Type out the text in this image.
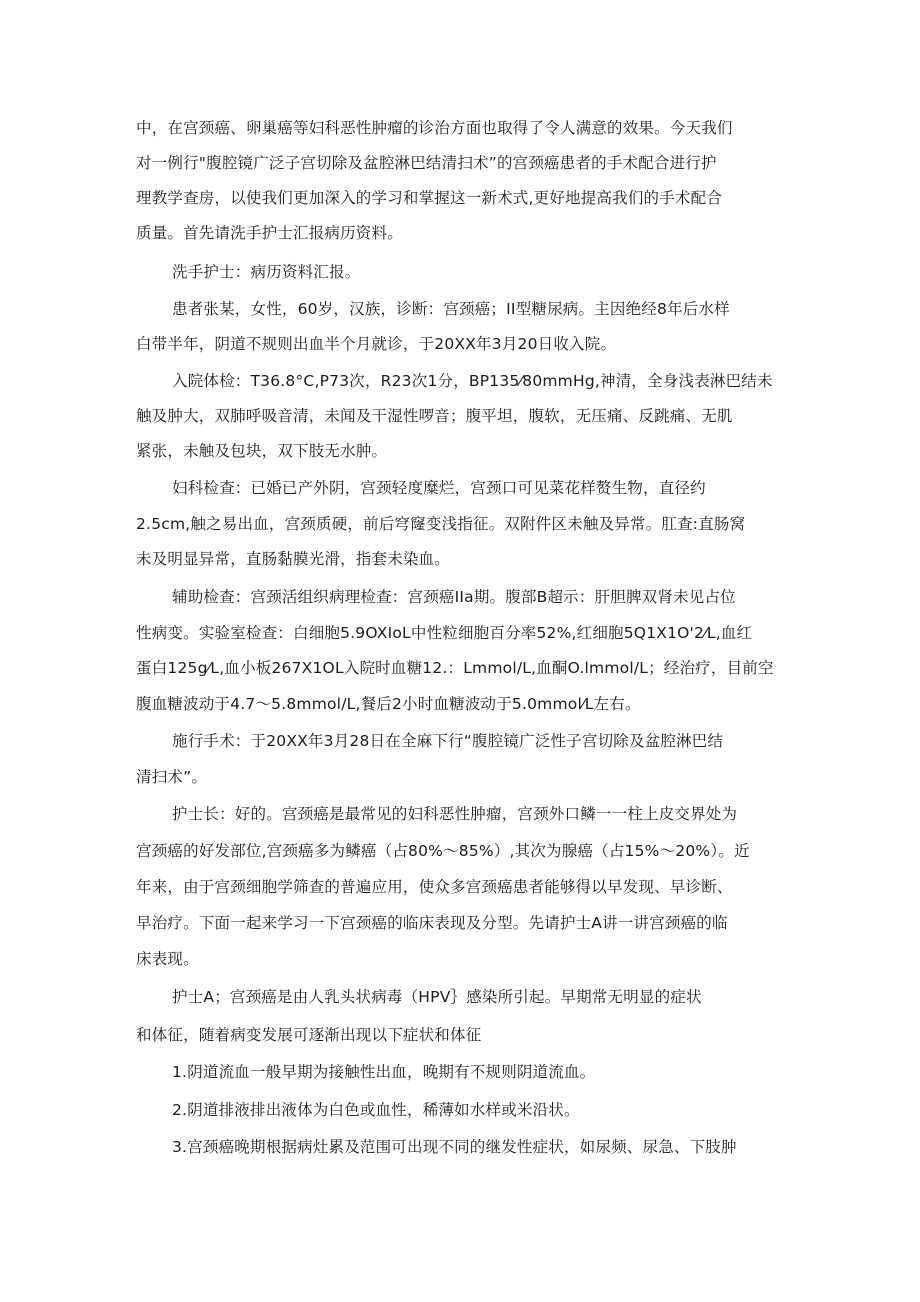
中，在宫颈癌、卵巢癌等妇科恶性肿瘤的诊治方面也取得了令人满意的效果。今天我们

对一例行"腹腔镜广泛子宫切除及盆腔淋巴结清扫术”的宫颈癌患者的手术配合进行护

理教学查房，以使我们更加深入的学习和掌握这一新术式,更好地提高我们的手术配合

质量。首先请洗手护士汇报病历资料。

洗手护士：病历资料汇报。

患者张某，女性，60岁，汉族，诊断：宫颈癌；II型糖尿病。主因绝经8年后水样

白带半年，阴道不规则出血半个月就诊，于20XX年3月20日收入院。

入院体检：T36.8°C,P73次，R23次1分，BP135⁄80mmHg,神清，全身浅表淋巴结未

触及肿大，双肺呼吸音清，未闻及干湿性啰音；腹平坦，腹软，无压痛、反跳痛、无肌

紧张，未触及包块，双下肢无水肿。

妇科检查：已婚已产外阴，宫颈轻度糜烂，宫颈口可见菜花样赘生物，直径约

2.5cm,触之易出血，宫颈质硬，前后穹窿变浅指征。双附件区未触及异常。肛查:直肠窝

未及明显异常，直肠黏膜光滑，指套未染血。

辅助检查：宫颈活组织病理检查：宫颈癌IIa期。腹部B超示：肝胆脾双肾未见占位

性病变。实验室检查：白细胞5.9OXIoL中性粒细胞百分率52%,红细胞5Q1X1O'2⁄L,血红

蛋白125g⁄L,血小板267X1OL入院时血糖12.：Lmmol/L,血酮O.lmmol/L；经治疗，目前空

腹血糖波动于4.7～5.8mmol/L,餐后2小时血糖波动于5.0mmol⁄L左右。

施行手术：于20XX年3月28日在全麻下行“腹腔镜广泛性子宫切除及盆腔淋巴结

清扫术”。

护士长：好的。宫颈癌是最常见的妇科恶性肿瘤，宫颈外口鳞一一柱上皮交界处为

宫颈癌的好发部位,宫颈癌多为鳞癌（占80%～85%）,其次为腺癌（占15%～20%）。近

年来，由于宫颈细胞学筛查的普遍应用，使众多宫颈癌患者能够得以早发现、早诊断、

早治疗。下面一起来学习一下宫颈癌的临床表现及分型。先请护士A讲一讲宫颈癌的临

床表现。

护士A；宫颈癌是由人乳头状病毒（HPV｝感染所引起。早期常无明显的症状

和体征，随着病变发展可逐渐出现以下症状和体征

1.阴道流血一般早期为接触性出血，晚期有不规则阴道流血。

2.阴道排液排出液体为白色或血性，稀薄如水样或米沿状。

3.宫颈癌晚期根据病灶累及范围可出现不同的继发性症状，如尿频、尿急、下肢肿
